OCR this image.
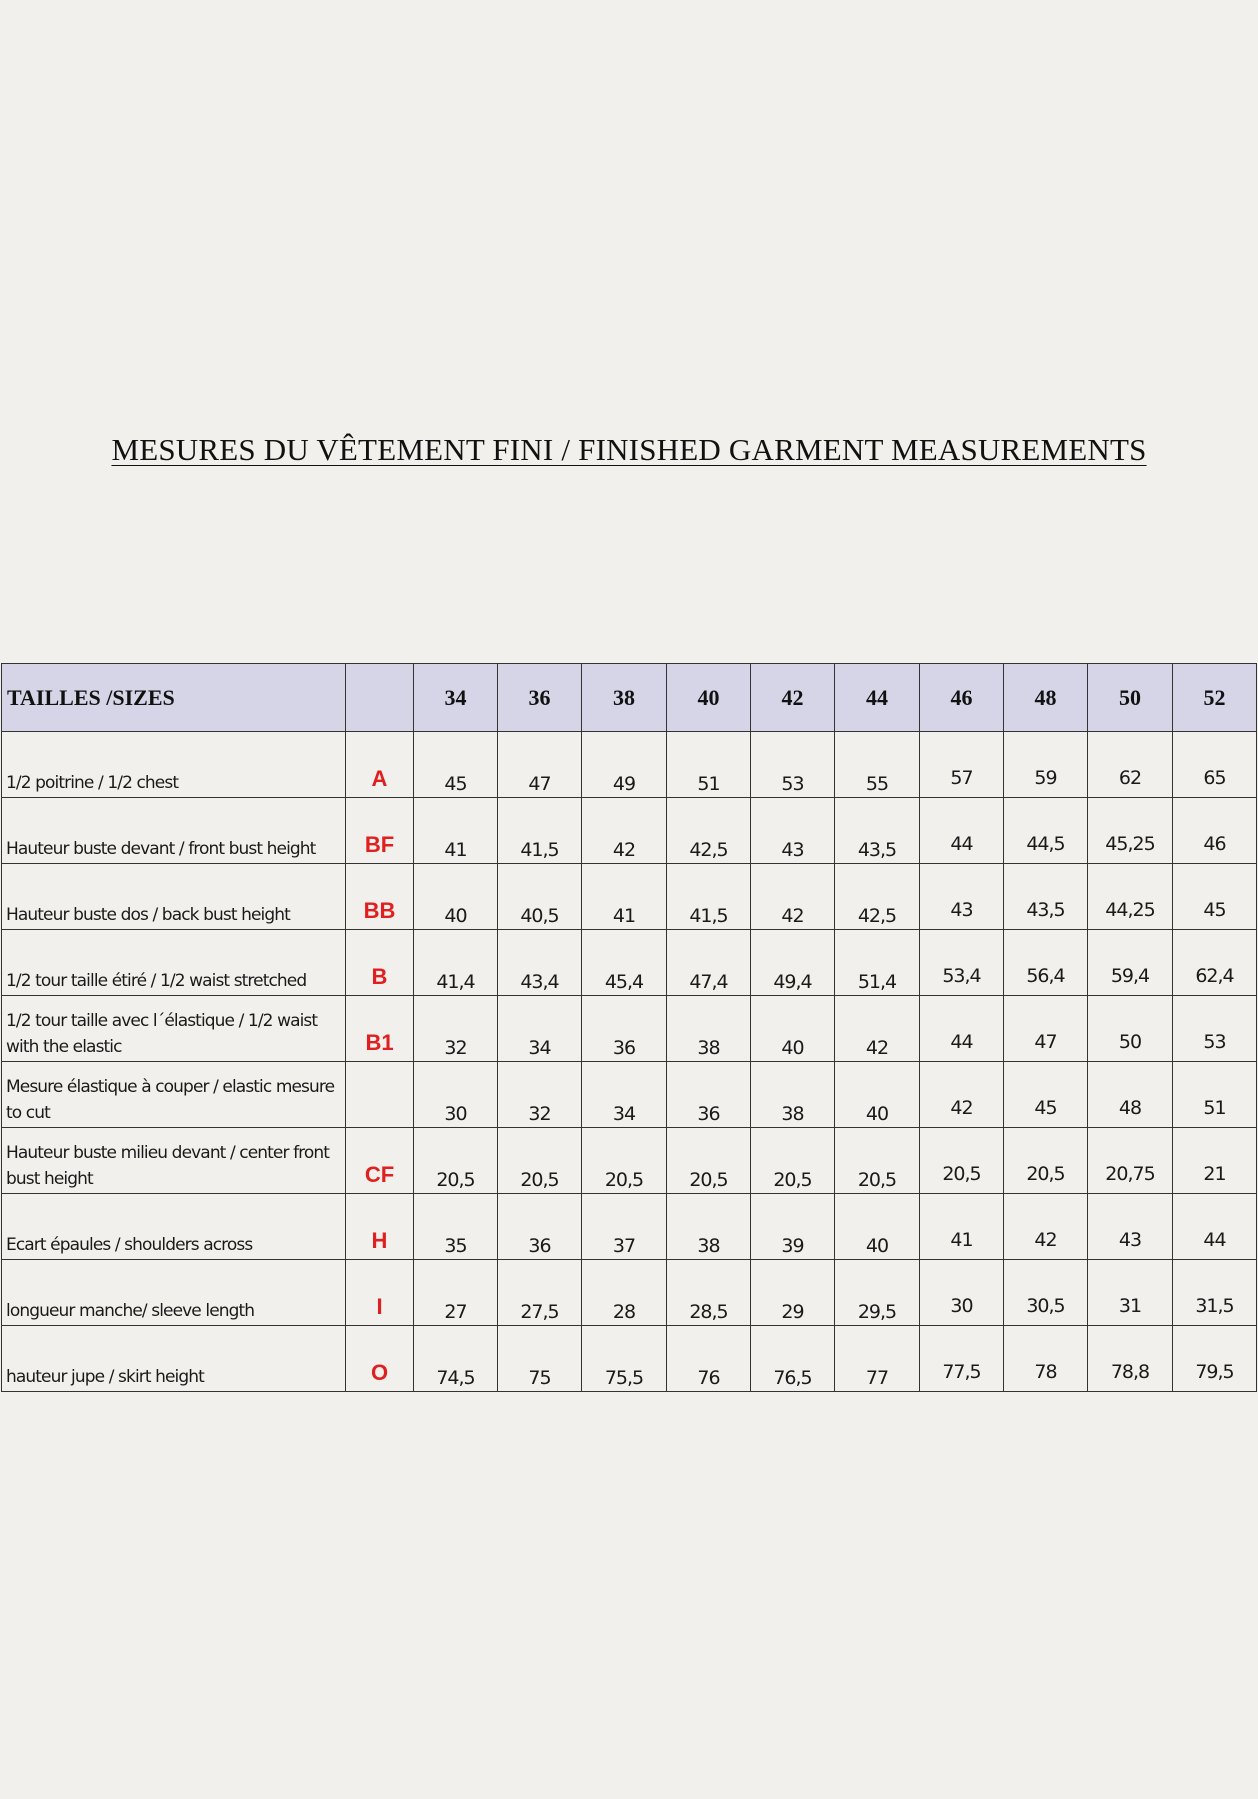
MESURES DU VÊTEMENT FINI / FINISHED GARMENT MEASUREMENTS
TAILLES /SIZES		34	36	38	40	42	44	46	48	50	52

1/2 poitrine / 1/2 chest	A	45	47	49	51	53	55	57	59	62	65

Hauteur buste devant / front bust height	BF	41	41,5	42	42,5	43	43,5	44	44,5	45,25	46

Hauteur buste dos / back bust height	BB	40	40,5	41	41,5	42	42,5	43	43,5	44,25	45

1/2 tour taille étiré / 1/2 waist stretched	B	41,4	43,4	45,4	47,4	49,4	51,4	53,4	56,4	59,4	62,4

1/2 tour taille avec l´élastique / 1/2 waist with the elastic	B1	32	34	36	38	40	42	44	47	50	53

Mesure élastique à couper / elastic mesure to cut		30	32	34	36	38	40	42	45	48	51

Hauteur buste milieu devant / center front bust height	CF	20,5	20,5	20,5	20,5	20,5	20,5	20,5	20,5	20,75	21

Ecart épaules / shoulders across	H	35	36	37	38	39	40	41	42	43	44

longueur manche/ sleeve length	I	27	27,5	28	28,5	29	29,5	30	30,5	31	31,5

hauteur jupe / skirt height	O	74,5	75	75,5	76	76,5	77	77,5	78	78,8	79,5
